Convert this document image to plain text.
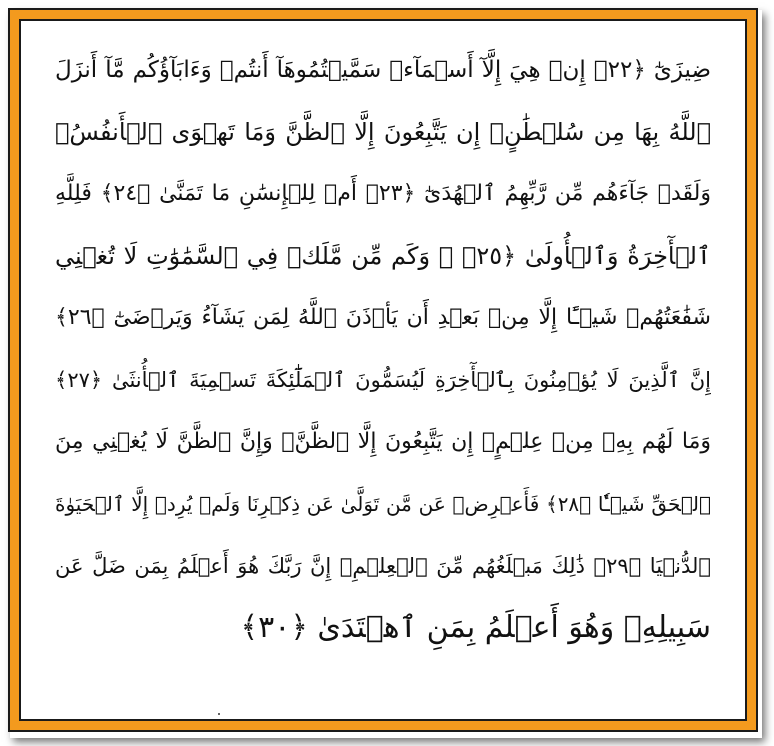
ضِيزَىٰٓ ﴿٢٢﴾ إِنۡ هِيَ إِلَّآ أَسۡمَآءٞ سَمَّيۡتُمُوهَآ أَنتُمۡ وَءَابَآؤُكُم مَّآ أَنزَلَ
ٱللَّهُ بِهَا مِن سُلۡطَٰنٍۚ إِن يَتَّبِعُونَ إِلَّا ٱلظَّنَّ وَمَا تَهۡوَى ٱلۡأَنفُسُۖ
وَلَقَدۡ جَآءَهُم مِّن رَّبِّهِمُ ٱلۡهُدَىٰٓ ﴿٢٣﴾ أَمۡ لِلۡإِنسَٰنِ مَا تَمَنَّىٰ ﴿٢٤﴾ فَلِلَّهِ
ٱلۡأٓخِرَةُ وَٱلۡأُولَىٰ ﴿٢٥﴾ ۞ وَكَم مِّن مَّلَكٖ فِي ٱلسَّمَٰوَٰتِ لَا تُغۡنِي
شَفَٰعَتُهُمۡ شَيۡـًٔا إِلَّا مِنۢ بَعۡدِ أَن يَأۡذَنَ ٱللَّهُ لِمَن يَشَآءُ وَيَرۡضَىٰٓ ﴿٢٦﴾
إِنَّ ٱلَّذِينَ لَا يُؤۡمِنُونَ بِٱلۡأٓخِرَةِ لَيُسَمُّونَ ٱلۡمَلَٰٓئِكَةَ تَسۡمِيَةَ ٱلۡأُنثَىٰ ﴿٢٧﴾
وَمَا لَهُم بِهِۦ مِنۡ عِلۡمٍۖ إِن يَتَّبِعُونَ إِلَّا ٱلظَّنَّۖ وَإِنَّ ٱلظَّنَّ لَا يُغۡنِي مِنَ
ٱلۡحَقِّ شَيۡـٔٗا ﴿٢٨﴾ فَأَعۡرِضۡ عَن مَّن تَوَلَّىٰ عَن ذِكۡرِنَا وَلَمۡ يُرِدۡ إِلَّا ٱلۡحَيَوٰةَ
ٱلدُّنۡيَا ﴿٢٩﴾ ذَٰلِكَ مَبۡلَغُهُم مِّنَ ٱلۡعِلۡمِۚ إِنَّ رَبَّكَ هُوَ أَعۡلَمُ بِمَن ضَلَّ عَن
سَبِيلِهِۦ وَهُوَ أَعۡلَمُ بِمَنِ ٱهۡتَدَىٰ ﴿٣٠﴾
